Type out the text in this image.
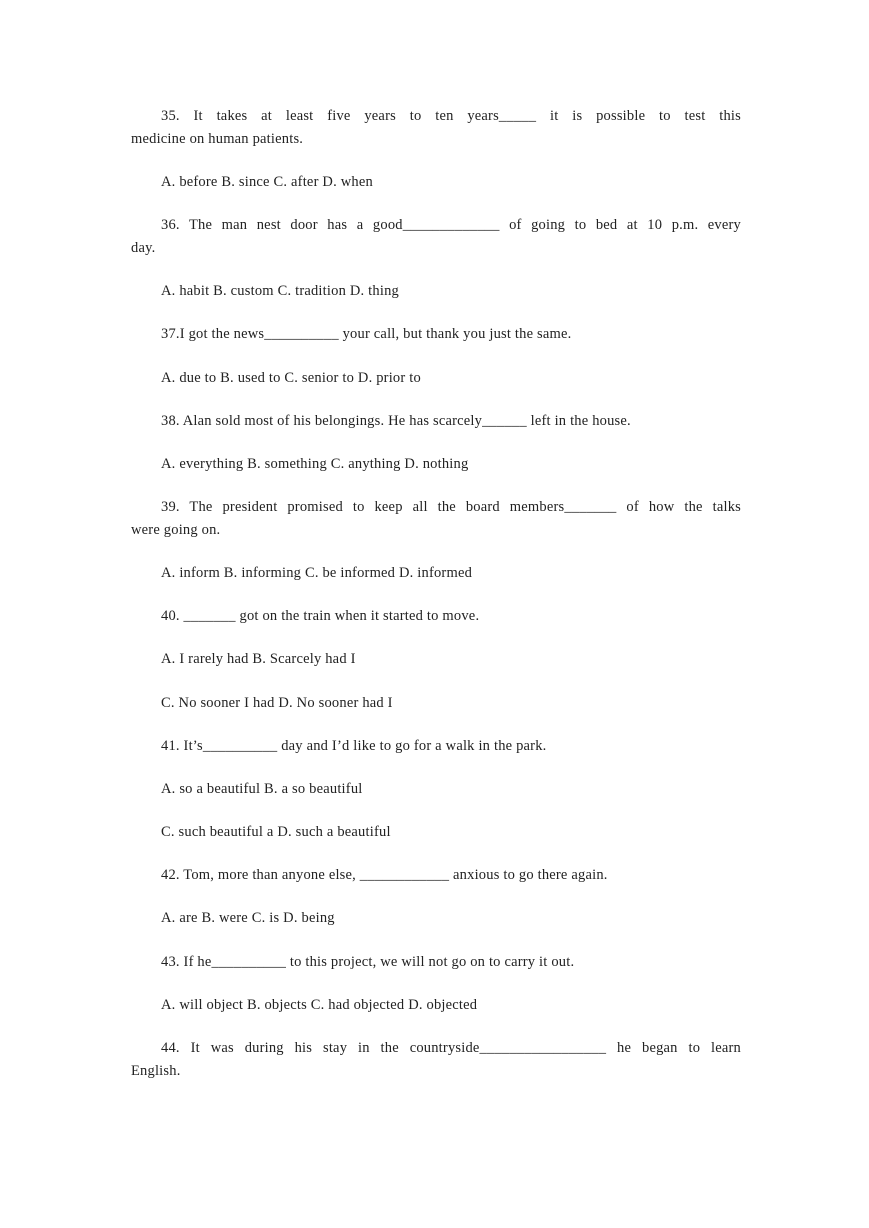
35. It takes at least five years to ten years_____ it is possible to test this
medicine on human patients.
A. before B. since C. after D. when
36. The man nest door has a good_____________ of going to bed at 10 p.m. every
day.
A. habit B. custom C. tradition D. thing
37.I got the news__________ your call, but thank you just the same.
A. due to B. used to C. senior to D. prior to
38. Alan sold most of his belongings. He has scarcely______ left in the house.
A. everything B. something C. anything D. nothing
39. The president promised to keep all the board members_______ of how the talks
were going on.
A. inform B. informing C. be informed D. informed
40. _______ got on the train when it started to move.
A. I rarely had B. Scarcely had I
C. No sooner I had D. No sooner had I
41. It’s__________ day and I’d like to go for a walk in the park.
A. so a beautiful B. a so beautiful
C. such beautiful a D. such a beautiful
42. Tom, more than anyone else, ____________ anxious to go there again.
A. are B. were C. is D. being
43. If he__________ to this project, we will not go on to carry it out.
A. will object B. objects C. had objected D. objected
44. It was during his stay in the countryside_________________ he began to learn
English.
